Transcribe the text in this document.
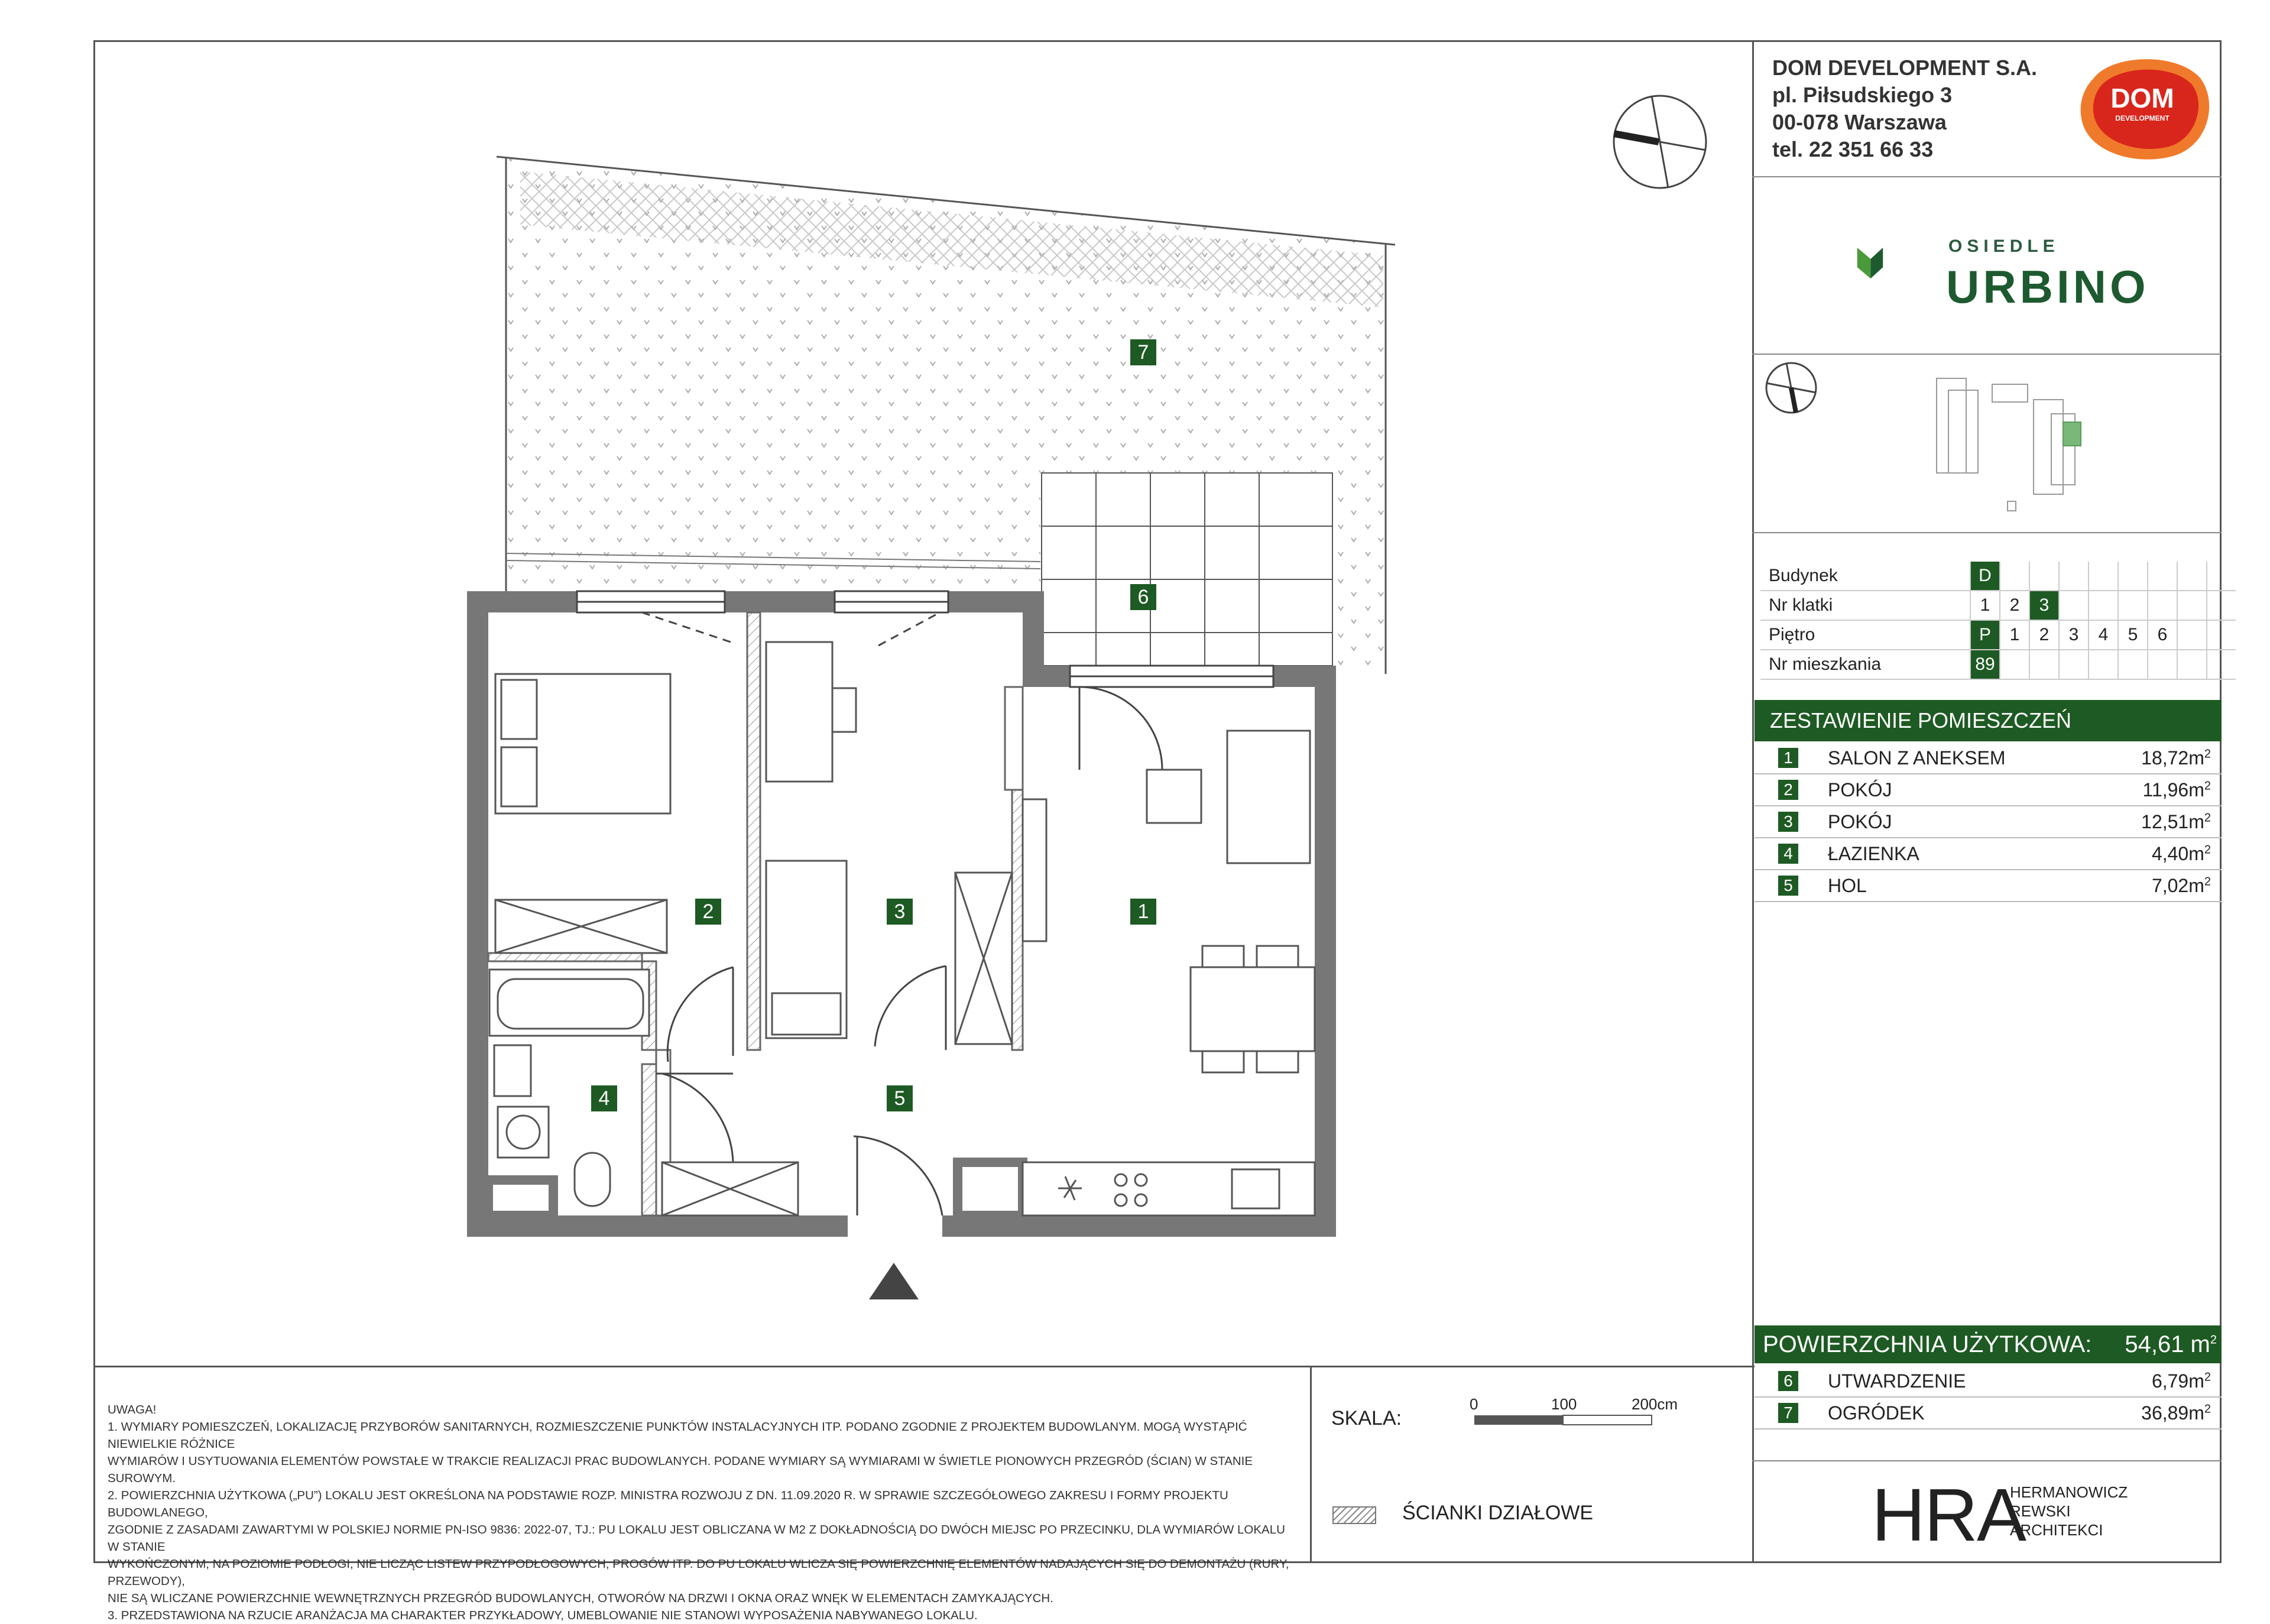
DOM DEVELOPMENT S.A.
pl. Piłsudskiego 3
00-078 Warszawa
tel. 22 351 66 33
DOM
DEVELOPMENT
OSIEDLE
URBINO
7
6
2	3	1
4	5
Budynek	D								
Nr klatki	1	2	3						
Piętro	P	1	2	3	4	5	6		
Nr mieszkania	89								
ZESTAWIENIE POMIESZCZEŃ
1 SALON Z ANEKSEM	$18,72m^2$
2 POKÓJ	$11,96m^2$
3 POKÓJ	$12,51m^2$
4 ŁAZIENKA	$4,40m^2$
5 HOL	$7,02m^2$
POWIERZCHNIA UŻYTKOWA: 54,61 $m^2$
6 UTWARDZENIE	$6,79m^2$
7 OGRÓDEK	$36,89m^2$
UWAGA!
1. WYMIARY POMIESZCZEŃ, LOKALIZACJĘ PRZYBORÓW SANITARNYCH, ROZMIESZCZENIE PUNKTÓW INSTALACYJNYCH ITP. PODANO ZGODNIE Z PROJEKTEM BUDOWLANYM. MOGĄ WYSTĄPIĆ NIEWIELKIE RÓŻNICE
WYMIARÓW I USYTUOWANIA ELEMENTÓW POWSTAŁE W TRAKCIE REALIZACJI PRAC BUDOWLANYCH. PODANE WYMIARY SĄ WYMIARAMI W ŚWIETLE PIONOWYCH PRZEGRÓD (ŚCIAN) W STANIE SUROWYM.
2. POWIERZCHNIA UŻYTKOWA („PU”) LOKALU JEST OKREŚLONA NA PODSTAWIE ROZP. MINISTRA ROZWOJU Z DN. 11.09.2020 R. W SPRAWIE SZCZEGÓŁOWEGO ZAKRESU I FORMY PROJEKTU BUDOWLANEGO,
ZGODNIE Z ZASADAMI ZAWARTYMI W POLSKIEJ NORMIE PN-ISO 9836: 2022-07, TJ.: PU LOKALU JEST OBLICZANA W M2 Z DOKŁADNOŚCIĄ DO DWÓCH MIEJSC PO PRZECINKU, DLA WYMIARÓW LOKALU W STANIE
WYKOŃCZONYM, NA POZIOMIE PODŁOGI, NIE LICZĄC LISTEW PRZYPODŁOGOWYCH, PROGÓW ITP. DO PU LOKALU WLICZA SIĘ POWIERZCHNIĘ ELEMENTÓW NADAJĄCYCH SIĘ DO DEMONTAŻU (RURY, PRZEWODY),
NIE SĄ WLICZANE POWIERZCHNIE WEWNĘTRZNYCH PRZEGRÓD BUDOWLANYCH, OTWORÓW NA DRZWI I OKNA ORAZ WNĘK W ELEMENTACH ZAMYKAJĄCYCH.
3. PRZEDSTAWIONA NA RZUCIE ARANŻACJA MA CHARAKTER PRZYKŁADOWY, UMEBLOWANIE NIE STANOWI WYPOSAŻENIA NABYWANEGO LOKALU.
SKALA:
0	100	200cm
ŚCIANKI DZIAŁOWE	HRA
HERMANOWICZ
REWSKI
ARCHITEKCI
